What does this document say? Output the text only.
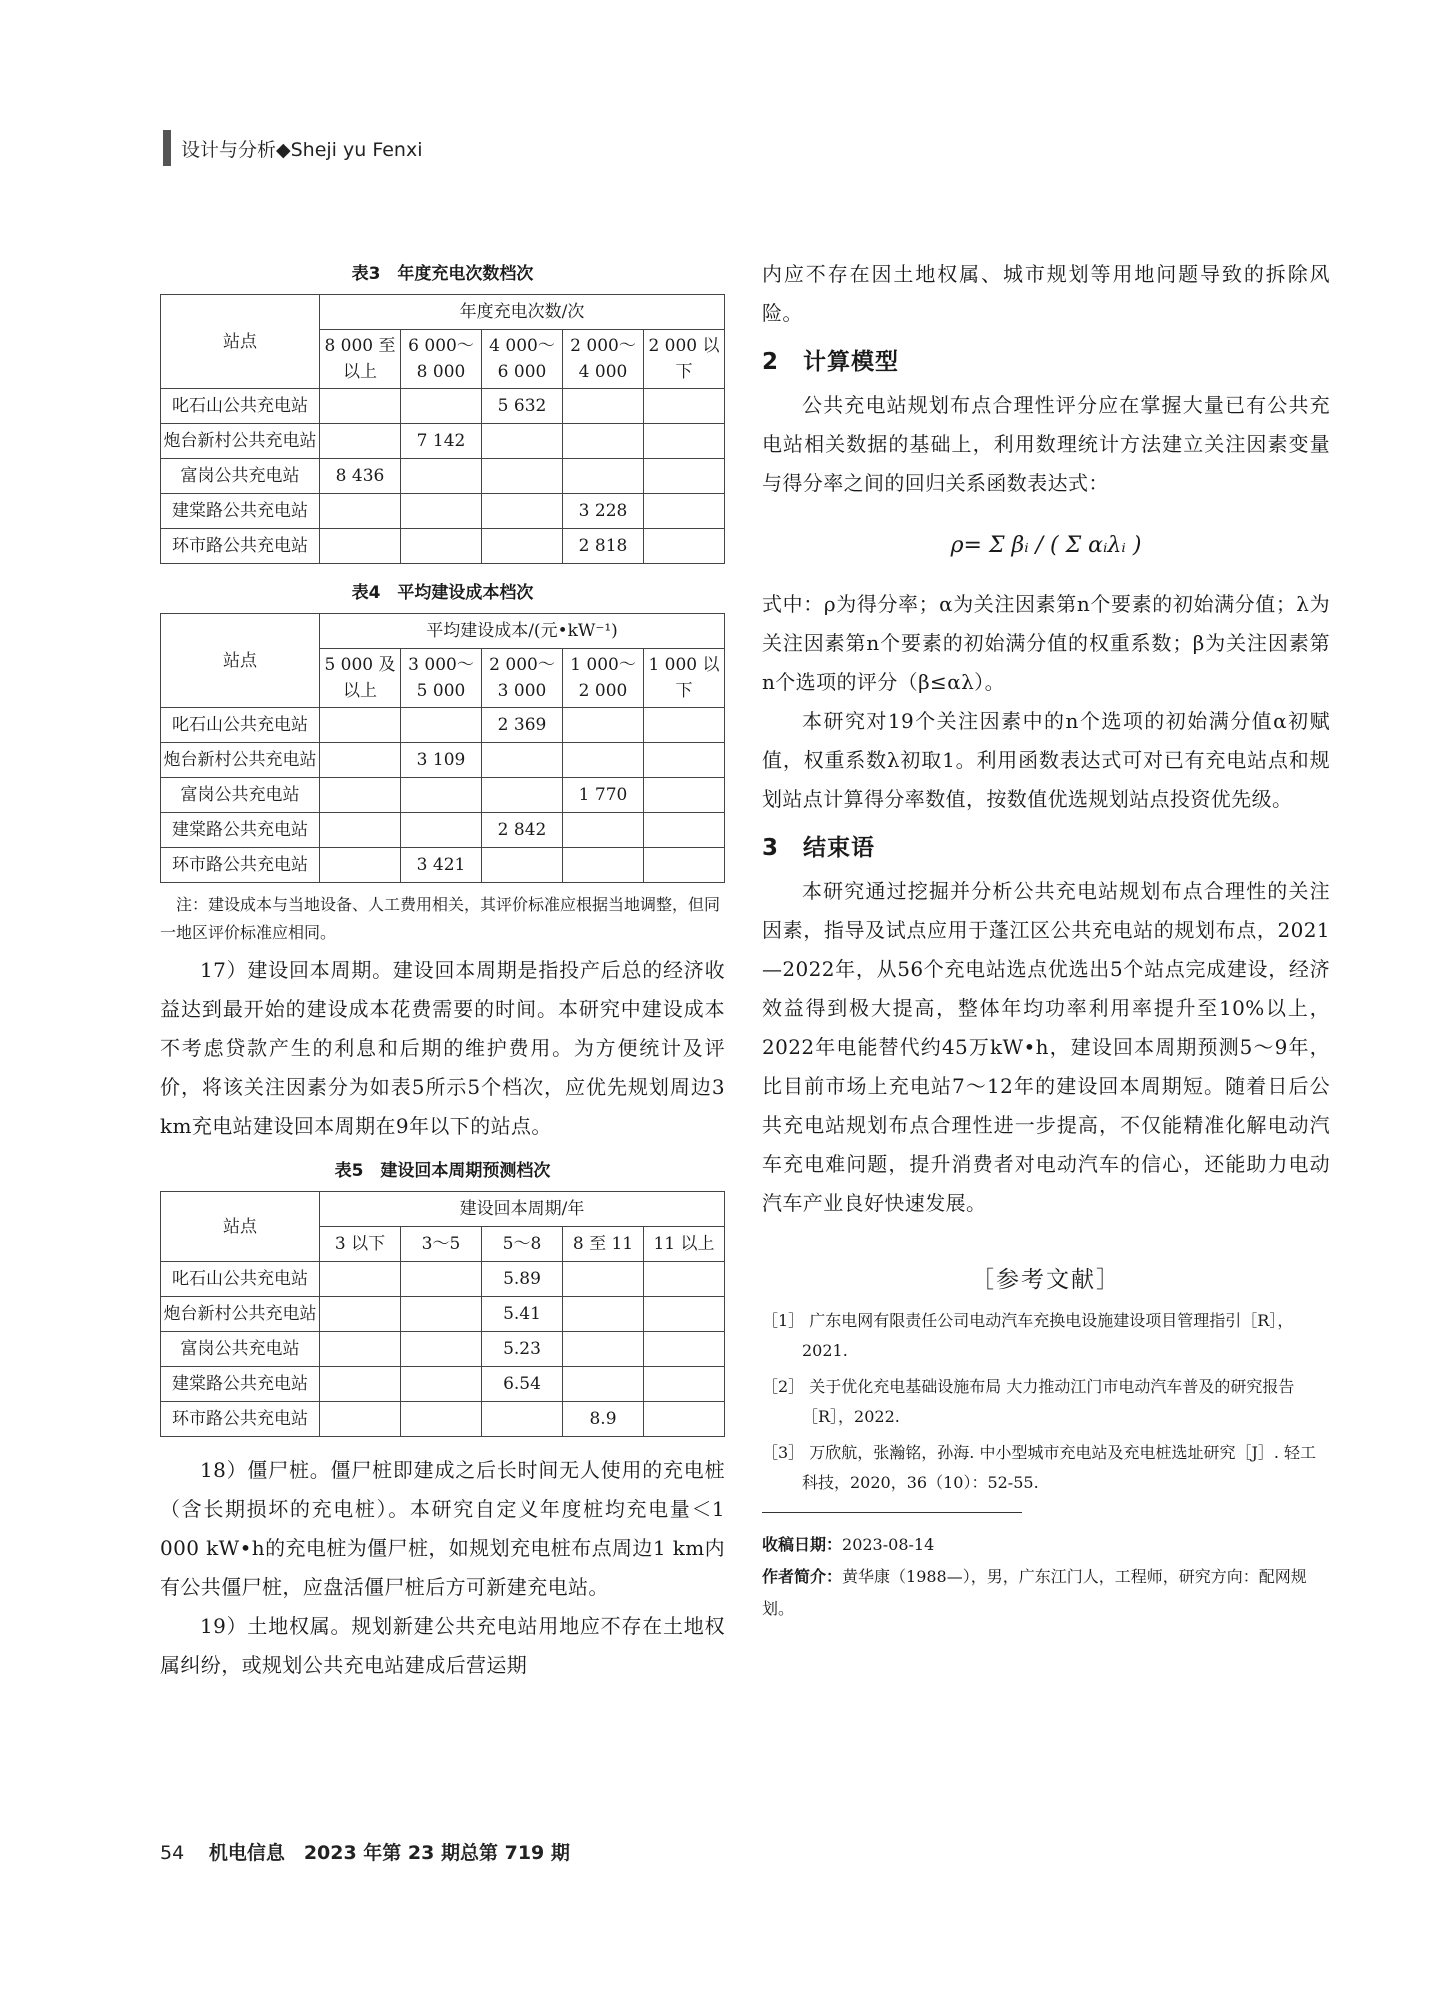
设计与分析◆Sheji yu Fenxi
表3　年度充电次数档次
站点	年度充电次数/次				
	8 000 至以上	6 000～ 8 000	4 000～ 6 000	2 000～ 4 000	2 000 以下
叱石山公共充电站			5 632		
炮台新村公共充电站		7 142			
富岗公共充电站	8 436				
建棠路公共充电站				3 228	
环市路公共充电站				2 818	
表4　平均建设成本档次
站点	平均建设成本/(元•kW⁻¹)				
	5 000 及以上	3 000～ 5 000	2 000～ 3 000	1 000～ 2 000	1 000 以下
叱石山公共充电站			2 369		
炮台新村公共充电站		3 109			
富岗公共充电站				1 770	
建棠路公共充电站			2 842		
环市路公共充电站		3 421			
注：建设成本与当地设备、人工费用相关，其评价标准应根据当地调整，但同一地区评价标准应相同。

17）建设回本周期。建设回本周期是指投产后总的经济收益达到最开始的建设成本花费需要的时间。本研究中建设成本不考虑贷款产生的利息和后期的维护费用。为方便统计及评价，将该关注因素分为如表5所示5个档次，应优先规划周边3 km充电站建设回本周期在9年以下的站点。

表5　建设回本周期预测档次
站点	建设回本周期/年				
	3 以下	3～5	5～8	8 至 11	11 以上
叱石山公共充电站			5.89		
炮台新村公共充电站			5.41		
富岗公共充电站			5.23		
建棠路公共充电站			6.54		
环市路公共充电站				8.9	

18）僵尸桩。僵尸桩即建成之后长时间无人使用的充电桩（含长期损坏的充电桩）。本研究自定义年度桩均充电量＜1 000 kW•h的充电桩为僵尸桩，如规划充电桩布点周边1 km内有公共僵尸桩，应盘活僵尸桩后方可新建充电站。

19）土地权属。规划新建公共充电站用地应不存在土地权属纠纷，或规划公共充电站建成后营运期

内应不存在因土地权属、城市规划等用地问题导致的拆除风险。

2　计算模型

公共充电站规划布点合理性评分应在掌握大量已有公共充电站相关数据的基础上，利用数理统计方法建立关注因素变量与得分率之间的回归关系函数表达式：

ρ= Σ βᵢ / ( Σ αᵢλᵢ )

式中：ρ为得分率；α为关注因素第n个要素的初始满分值；λ为关注因素第n个要素的初始满分值的权重系数；β为关注因素第n个选项的评分（β≤αλ）。

本研究对19个关注因素中的n个选项的初始满分值α初赋值，权重系数λ初取1。利用函数表达式可对已有充电站点和规划站点计算得分率数值，按数值优选规划站点投资优先级。

3　结束语

本研究通过挖掘并分析公共充电站规划布点合理性的关注因素，指导及试点应用于蓬江区公共充电站的规划布点，2021—2022年，从56个充电站选点优选出5个站点完成建设，经济效益得到极大提高，整体年均功率利用率提升至10%以上，2022年电能替代约45万kW•h，建设回本周期预测5～9年，比目前市场上充电站7～12年的建设回本周期短。随着日后公共充电站规划布点合理性进一步提高，不仅能精准化解电动汽车充电难问题，提升消费者对电动汽车的信心，还能助力电动汽车产业良好快速发展。

［参考文献］
［1］ 广东电网有限责任公司电动汽车充换电设施建设项目管理指引［R］，2021.
［2］ 关于优化充电基础设施布局 大力推动江门市电动汽车普及的研究报告［R］，2022.
［3］ 万欣航，张瀚铭，孙海. 中小型城市充电站及充电桩选址研究［J］. 轻工科技，2020，36（10）：52-55.

收稿日期：2023-08-14

作者简介：黄华康（1988—），男，广东江门人，工程师，研究方向：配网规划。

54 机电信息　2023 年第 23 期总第 719 期
